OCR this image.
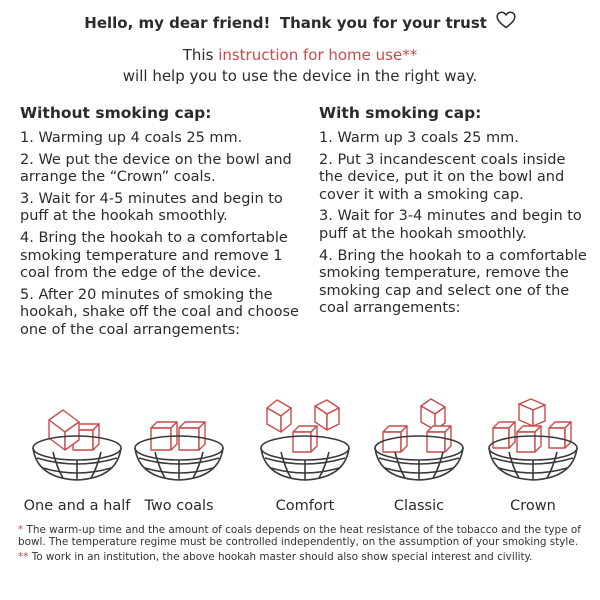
Hello, my dear friend! Thank you for your trust
This instruction for home use**
will help you to use the device in the right way.
Without smoking cap:

1. Warming up 4 coals 25 mm.

2. We put the device on the bowl and arrange the “Crown” coals.

3. Wait for 4-5 minutes and begin to puff at the hookah smoothly.

4. Bring the hookah to a comfortable smoking temperature and remove 1 coal from the edge of the device.

5. After 20 minutes of smoking the hookah, shake off the coal and choose one of the coal arrangements:

With smoking cap:

1. Warm up 3 coals 25 mm.

2. Put 3 incandescent coals inside the device, put it on the bowl and cover it with a smoking cap.

3. Wait for 3-4 minutes and begin to puff at the hookah smoothly.

4. Bring the hookah to a comfortable smoking temperature, remove the smoking cap and select one of the coal arrangements:

One and a half Two coals	Comfort	Classic	Crown

* The warm-up time and the amount of coals depends on the heat resistance of the tobacco and the type of bowl. The temperature regime must be controlled independently, on the assumption of your smoking style.

** To work in an institution, the above hookah master should also show special interest and civility.
